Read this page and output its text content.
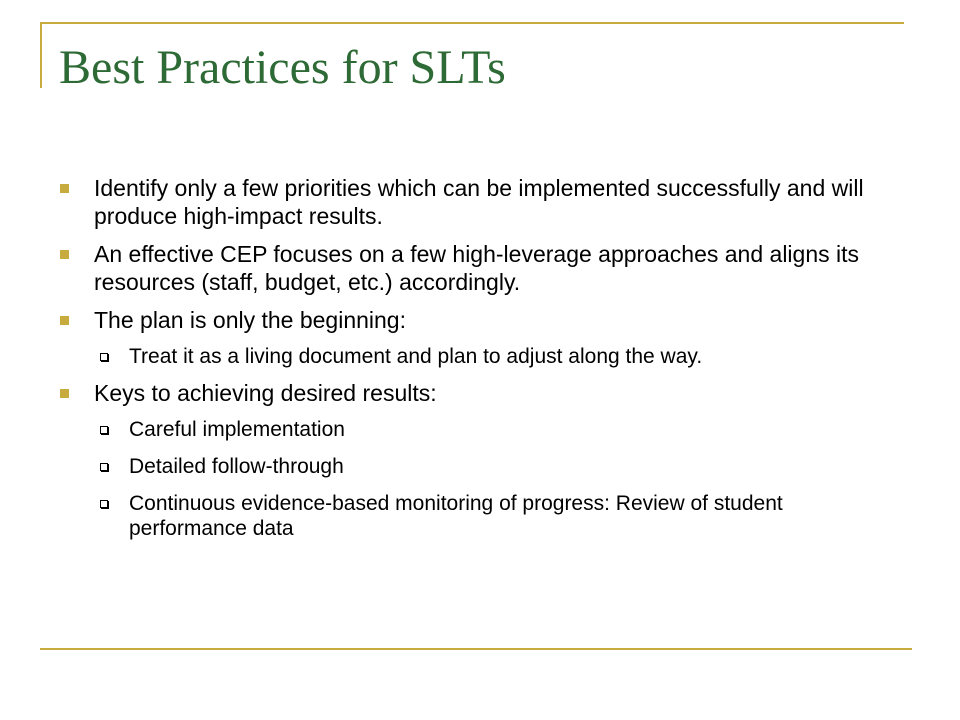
Best Practices for SLTs
Identify only a few priorities which can be implemented successfully and will produce high-impact results.
An effective CEP focuses on a few high-leverage approaches and aligns its resources (staff, budget, etc.) accordingly.
The plan is only the beginning:
Treat it as a living document and plan to adjust along the way.
Keys to achieving desired results:
Careful implementation
Detailed follow-through
Continuous evidence-based monitoring of progress: Review of student performance data
